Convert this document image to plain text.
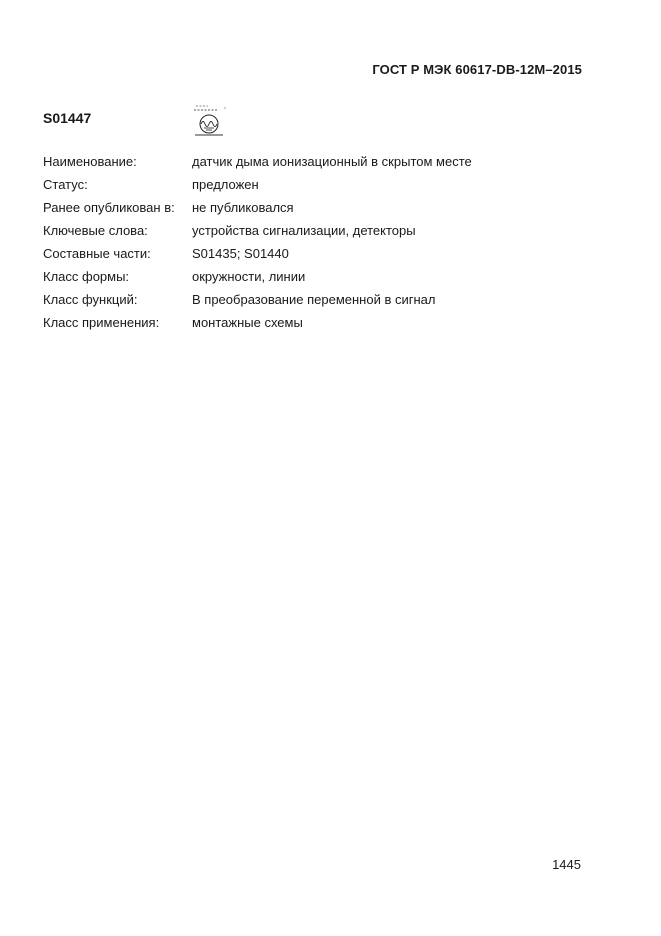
ГОСТ Р МЭК 60617-DB-12M–2015
S01447
Наименование:	датчик дыма ионизационный в скрытом месте
Статус:	предложен
Ранее опубликован в:	не публиковался
Ключевые слова:	устройства сигнализации, детекторы
Составные части:	S01435; S01440
Класс формы:	окружности, линии
Класс функций:	В преобразование переменной в сигнал
Класс применения:	монтажные схемы
1445
